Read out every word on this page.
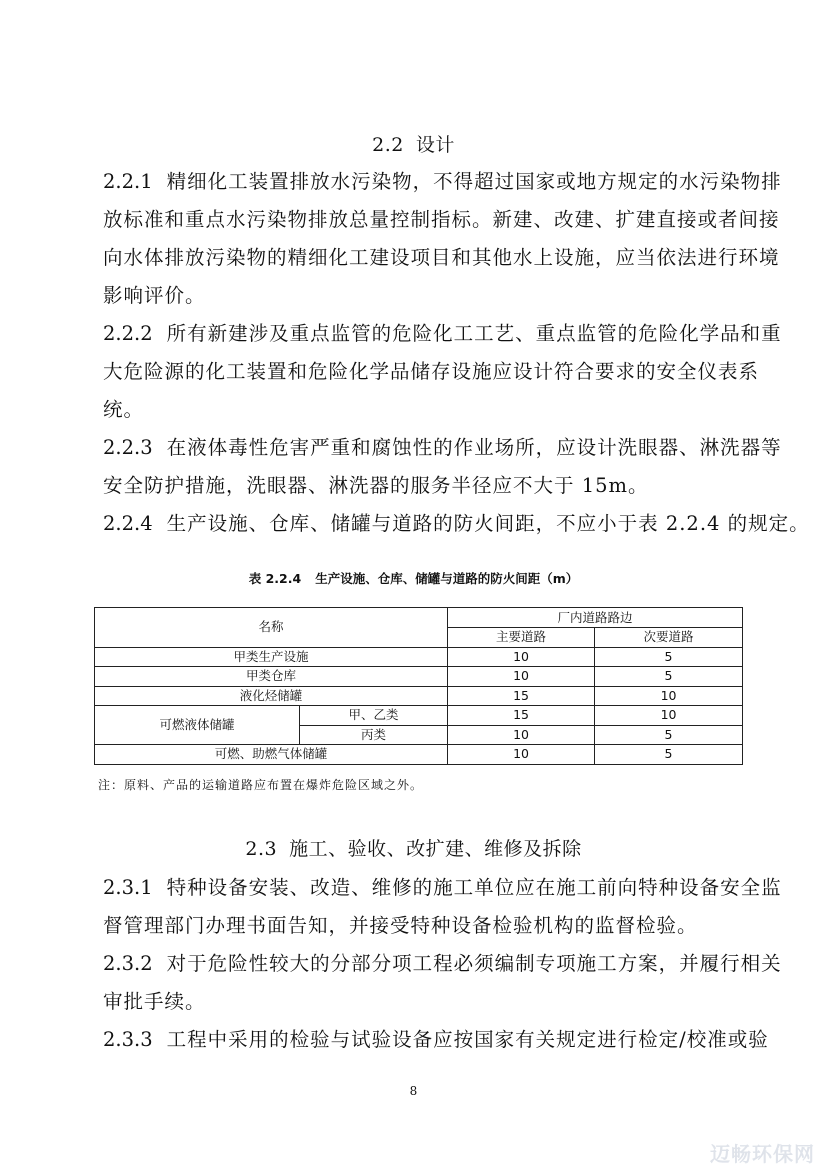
2.2 设计
2.2.1 精细化工装置排放水污染物，不得超过国家或地方规定的水污染物排
放标准和重点水污染物排放总量控制指标。新建、改建、扩建直接或者间接
向水体排放污染物的精细化工建设项目和其他水上设施，应当依法进行环境
影响评价。
2.2.2 所有新建涉及重点监管的危险化工工艺、重点监管的危险化学品和重
大危险源的化工装置和危险化学品储存设施应设计符合要求的安全仪表系
统。
2.2.3 在液体毒性危害严重和腐蚀性的作业场所，应设计洗眼器、淋洗器等
安全防护措施，洗眼器、淋洗器的服务半径应不大于 15m。
2.2.4 生产设施、仓库、储罐与道路的防火间距，不应小于表 2.2.4 的规定。
表 2.2.4 生产设施、仓库、储罐与道路的防火间距（m）
名称		厂内道路路边	
		主要道路	次要道路
甲类生产设施		10	5
甲类仓库		10	5
液化烃储罐		15	10
可燃液体储罐	甲、乙类	15	10
	丙类	10	5
可燃、助燃气体储罐		10	5
注：原料、产品的运输道路应布置在爆炸危险区域之外。
2.3 施工、验收、改扩建、维修及拆除
2.3.1 特种设备安装、改造、维修的施工单位应在施工前向特种设备安全监
督管理部门办理书面告知，并接受特种设备检验机构的监督检验。
2.3.2 对于危险性较大的分部分项工程必须编制专项施工方案，并履行相关
审批手续。
2.3.3 工程中采用的检验与试验设备应按国家有关规定进行检定/校准或验
8
迈畅环保网
